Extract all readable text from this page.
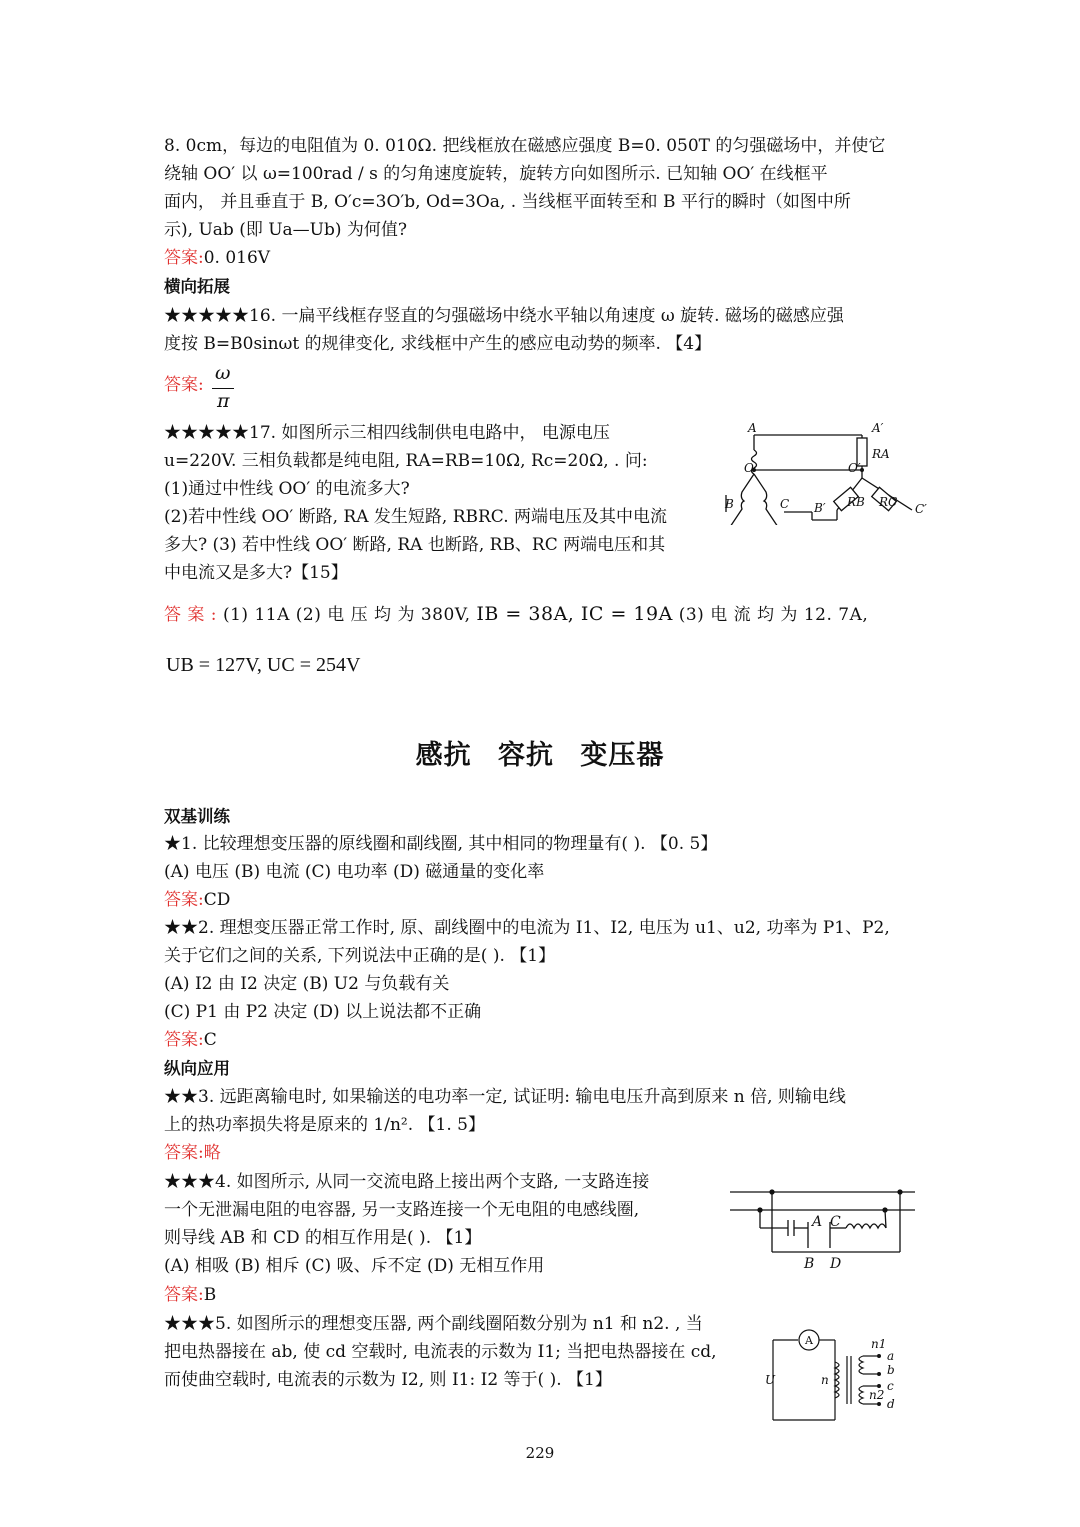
8. 0cm，每边的电阻值为 0. 010Ω. 把线框放在磁感应强度 B=0. 050T 的匀强磁场中，并使它
绕轴 OO′ 以 ω=100rad / s 的匀角速度旋转，旋转方向如图所示. 已知轴 OO′ 在线框平
面内， 并且垂直于 B, O′c=3O′b, Od=3Oa, . 当线框平面转至和 B 平行的瞬时（如图中所
示), Uab (即 Ua—Ub) 为何值?
答案:0. 016V
横向拓展
★★★★★16. 一扁平线框存竖直的匀强磁场中绕水平轴以角速度 ω 旋转. 磁场的磁感应强
度按 B=B0sinωt 的规律变化, 求线框中产生的感应电动势的频率. 【4】
答案:
ω
π
★★★★★17. 如图所示三相四线制供电电路中， 电源电压
u=220V. 三相负载都是纯电阻, RA=RB=10Ω, Rc=20Ω, . 问:
(1)通过中性线 OO′ 的电流多大?
(2)若中性线 OO′ 断路, RA 发生短路, RBRC. 两端电压及其中电流
多大? (3) 若中性线 OO′ 断路, RA 也断路, RB、RC 两端电压和其
中电流又是多大?【15】
A	A′
O	O′
RA
RB RC
B	C B′	C′
答 案 : (1) 11A (2) 电 压 均 为 380V, IB = 38A, IC = 19A (3) 电 流 均 为 12. 7A,
UB = 127V, UC = 254V
感抗 容抗 变压器
双基训练
★1. 比较理想变压器的原线圈和副线圈, 其中相同的物理量有( ). 【0. 5】
(A) 电压 (B) 电流 (C) 电功率 (D) 磁通量的变化率
答案:CD
★★2. 理想变压器正常工作时, 原、副线圈中的电流为 I1、I2, 电压为 u1、u2, 功率为 P1、P2,
关于它们之间的关系, 下列说法中正确的是( ). 【1】
(A) I2 由 I2 决定 (B) U2 与负载有关
(C) P1 由 P2 决定 (D) 以上说法都不正确
答案:C
纵向应用
★★3. 远距离输电时, 如果输送的电功率一定, 试证明: 输电电压升高到原来 n 倍, 则输电线
上的热功率损失将是原来的 1/n². 【1. 5】
答案:略
★★★4. 如图所示, 从同一交流电路上接出两个支路, 一支路连接
一个无泄漏电阻的电容器, 另一支路连接一个无电阻的电感线圈,
则导线 AB 和 CD 的相互作用是( ). 【1】
(A) 相吸 (B) 相斥 (C) 吸、斥不定 (D) 无相互作用
答案:B
A
B
C
D
★★★5. 如图所示的理想变压器, 两个副线圈陌数分别为 n1 和 n2. , 当
把电热器接在 ab, 使 cd 空载时, 电流表的示数为 I1; 当把电热器接在 cd,
而使曲空载时, 电流表的示数为 I2, 则 I1: I2 等于( ). 【1】
A
U	n
n1
n2
a
b
c
d
229
